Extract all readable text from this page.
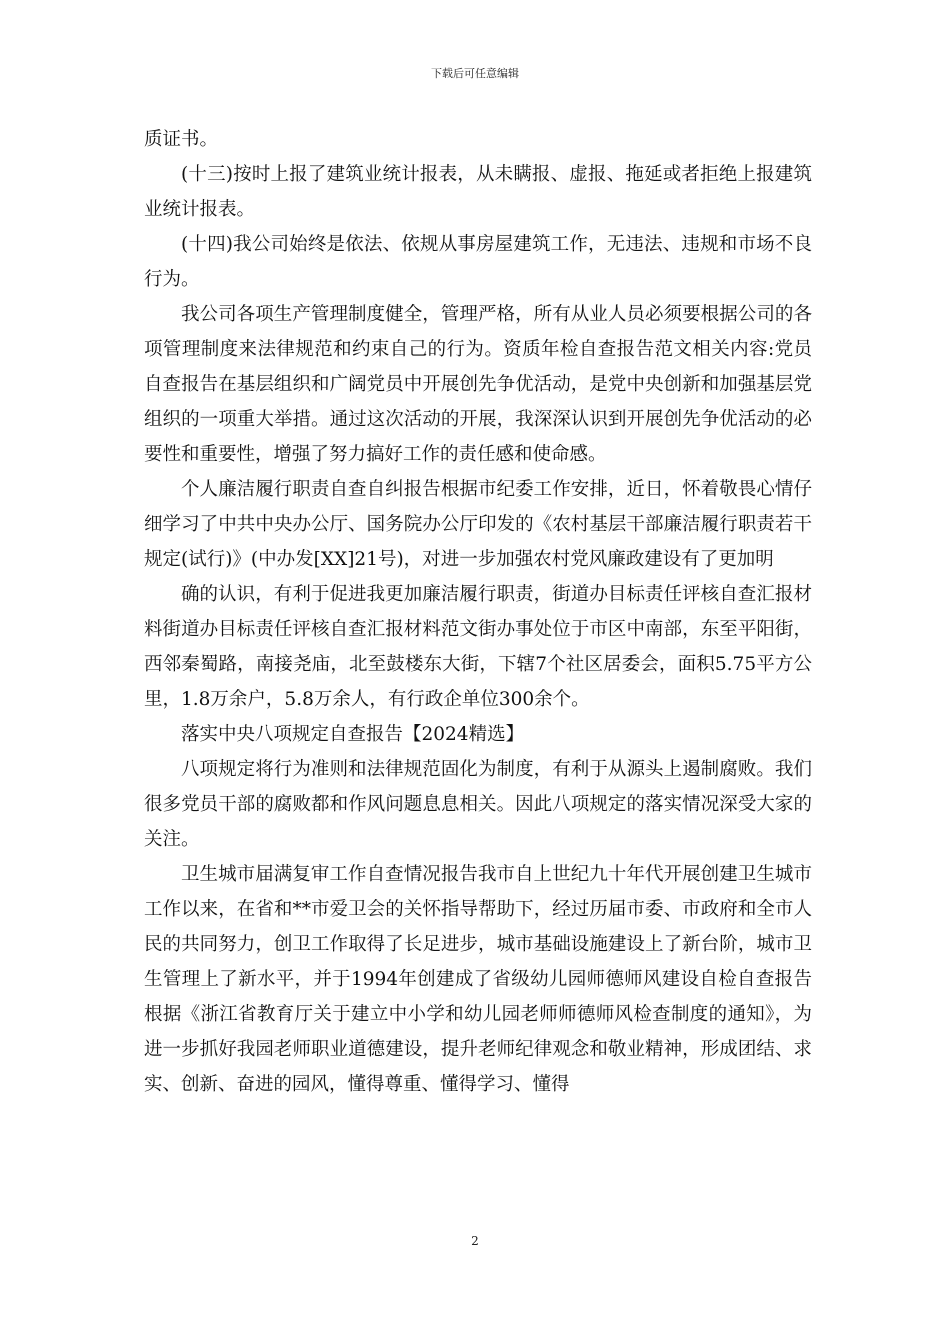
下载后可任意编辑

质证书。

(十三)按时上报了建筑业统计报表，从未瞒报、虚报、拖延或者拒绝上报建筑业统计报表。

(十四)我公司始终是依法、依规从事房屋建筑工作，无违法、违规和市场不良行为。

我公司各项生产管理制度健全，管理严格，所有从业人员必须要根据公司的各项管理制度来法律规范和约束自己的行为。资质年检自查报告范文相关内容:党员自查报告在基层组织和广阔党员中开展创先争优活动，是党中央创新和加强基层党组织的一项重大举措。通过这次活动的开展，我深深认识到开展创先争优活动的必要性和重要性，增强了努力搞好工作的责任感和使命感。

个人廉洁履行职责自查自纠报告根据市纪委工作安排，近日，怀着敬畏心情仔细学习了中共中央办公厅、国务院办公厅印发的《农村基层干部廉洁履行职责若干规定(试行)》(中办发[XX]21号)，对进一步加强农村党风廉政建设有了更加明

确的认识，有利于促进我更加廉洁履行职责，街道办目标责任评核自查汇报材料街道办目标责任评核自查汇报材料范文街办事处位于市区中南部，东至平阳街，西邻秦蜀路，南接尧庙，北至鼓楼东大街，下辖7个社区居委会，面积5.75平方公里，1.8万余户，5.8万余人，有行政企单位300余个。

落实中央八项规定自查报告【2024精选】

八项规定将行为准则和法律规范固化为制度，有利于从源头上遏制腐败。我们很多党员干部的腐败都和作风问题息息相关。因此八项规定的落实情况深受大家的关注。

卫生城市届满复审工作自查情况报告我市自上世纪九十年代开展创建卫生城市工作以来，在省和**市爱卫会的关怀指导帮助下，经过历届市委、市政府和全市人民的共同努力，创卫工作取得了长足进步，城市基础设施建设上了新台阶，城市卫生管理上了新水平，并于1994年创建成了省级幼儿园师德师风建设自检自查报告根据《浙江省教育厅关于建立中小学和幼儿园老师师德师风检查制度的通知》，为进一步抓好我园老师职业道德建设，提升老师纪律观念和敬业精神，形成团结、求实、创新、奋进的园风，懂得尊重、懂得学习、懂得

2
